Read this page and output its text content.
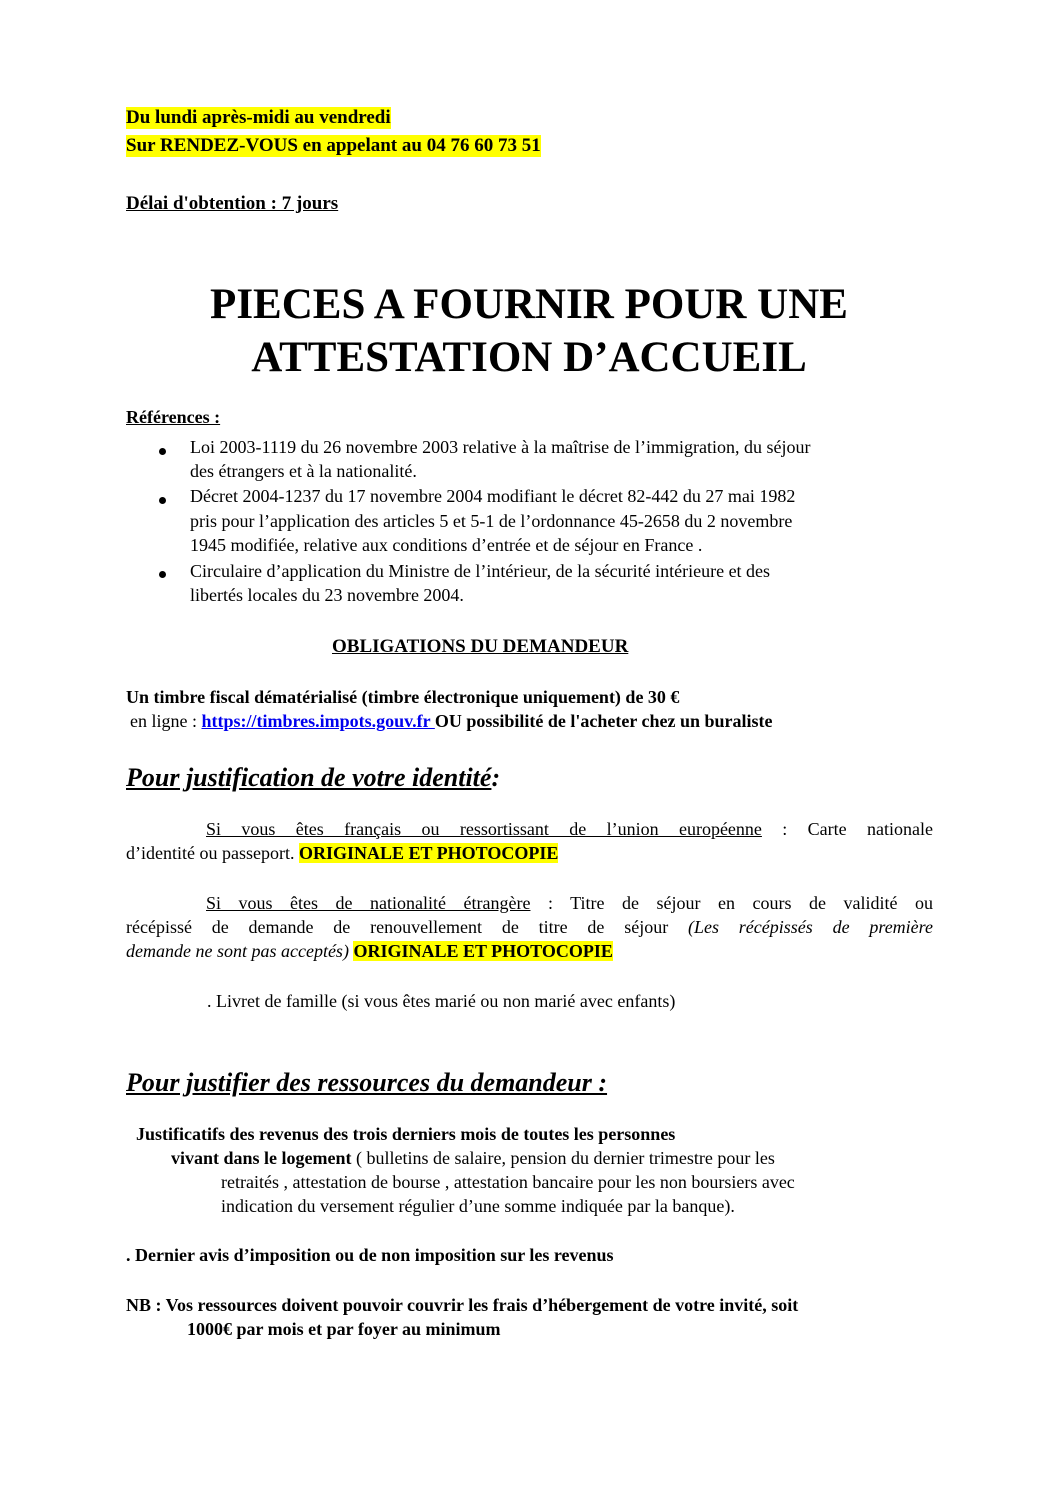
Du lundi après-midi au vendredi
Sur RENDEZ-VOUS en appelant au 04 76 60 73 51
Délai d'obtention : 7 jours
PIECES A FOURNIR POUR UNE
ATTESTATION D’ACCUEIL
Références :
Loi 2003-1119 du 26 novembre 2003 relative à la maîtrise de l’immigration, du séjour
des étrangers et à la nationalité.
Décret 2004-1237 du 17 novembre 2004 modifiant le décret 82-442 du 27 mai 1982
pris pour l’application des articles 5 et 5-1 de l’ordonnance 45-2658 du 2 novembre
1945 modifiée, relative aux conditions d’entrée et de séjour en France .
Circulaire d’application du Ministre de l’intérieur, de la sécurité intérieure et des
libertés locales du 23 novembre 2004.
OBLIGATIONS DU DEMANDEUR
Un timbre fiscal dématérialisé (timbre électronique uniquement) de 30 €
en ligne : https://timbres.impots.gouv.fr OU possibilité de l'acheter chez un buraliste
Pour justification de votre identité:
Si vous êtes français ou ressortissant de l’union européenne : Carte nationale
d’identité ou passeport. ORIGINALE ET PHOTOCOPIE
Si vous êtes de nationalité étrangère : Titre de séjour en cours de validité ou
récépissé de demande de renouvellement de titre de séjour (Les récépissés de première
demande ne sont pas acceptés) ORIGINALE ET PHOTOCOPIE
. Livret de famille (si vous êtes marié ou non marié avec enfants)
Pour justifier des ressources du demandeur :
Justificatifs des revenus des trois derniers mois de toutes les personnes
vivant dans le logement ( bulletins de salaire, pension du dernier trimestre pour les
retraités , attestation de bourse , attestation bancaire pour les non boursiers avec
indication du versement régulier d’une somme indiquée par la banque).
. Dernier avis d’imposition ou de non imposition sur les revenus
NB : Vos ressources doivent pouvoir couvrir les frais d’hébergement de votre invité, soit
1000€ par mois et par foyer au minimum
